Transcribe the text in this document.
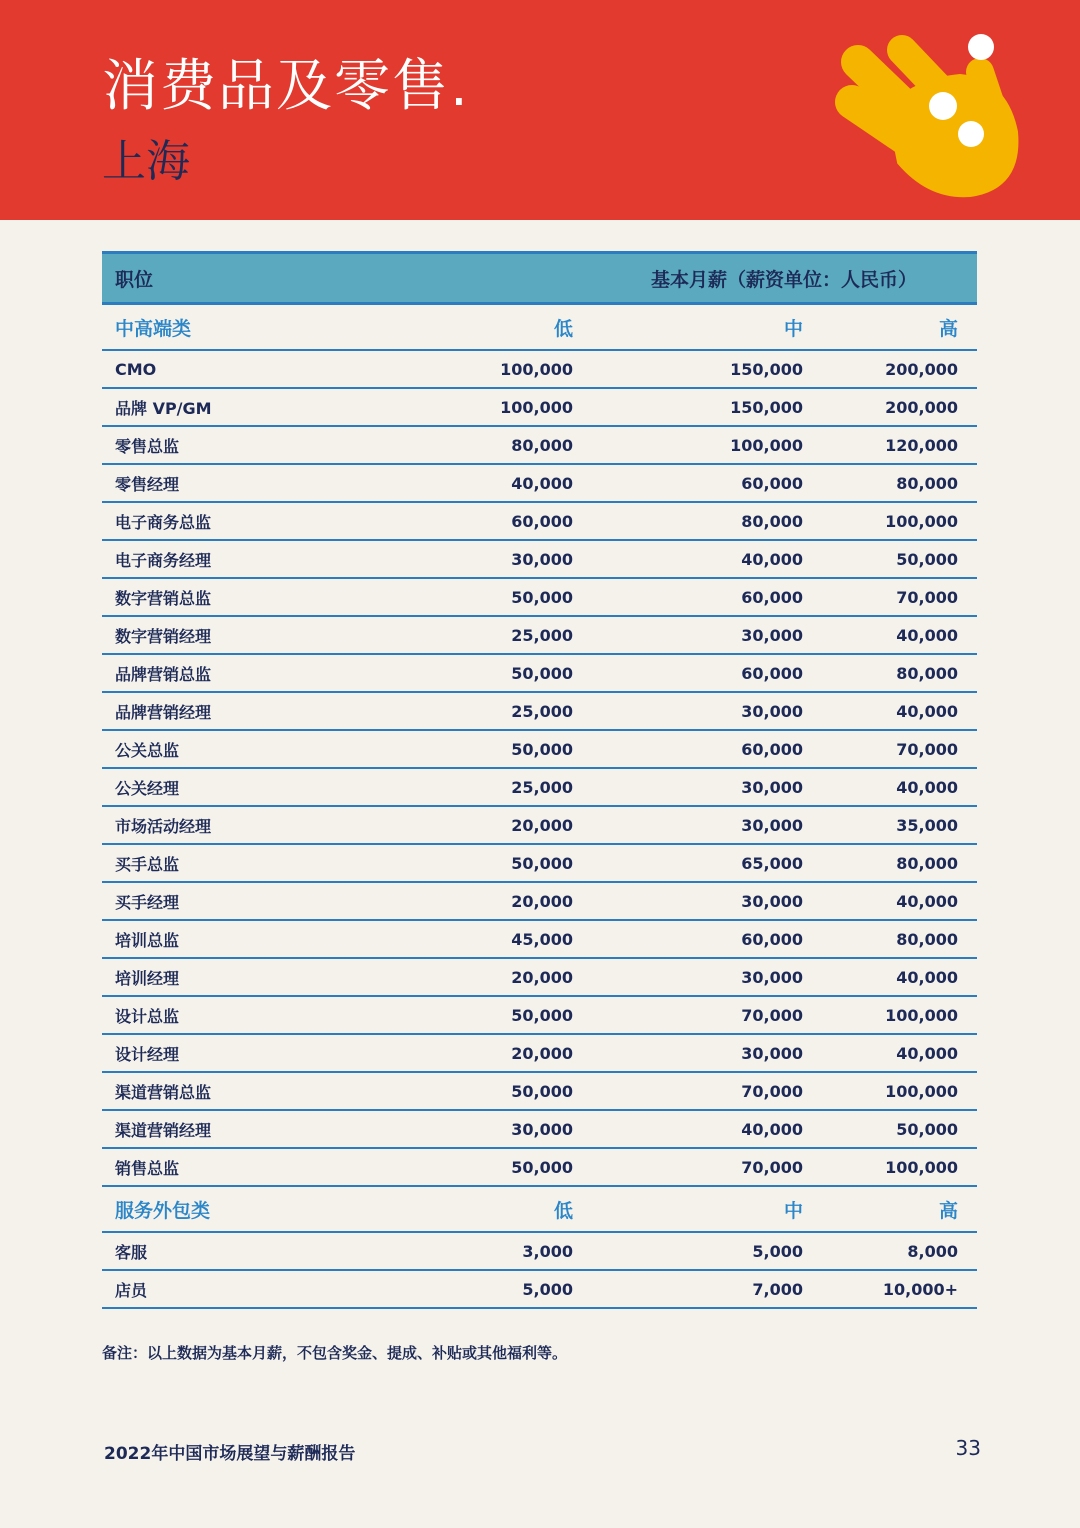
消费品及零售.
上海
职位	基本月薪（薪资单位：人民币）
中高端类	低	中	高
CMO	100,000	150,000	200,000
品牌 VP/GM	100,000	150,000	200,000
零售总监	80,000	100,000	120,000
零售经理	40,000	60,000	80,000
电子商务总监	60,000	80,000	100,000
电子商务经理	30,000	40,000	50,000
数字营销总监	50,000	60,000	70,000
数字营销经理	25,000	30,000	40,000
品牌营销总监	50,000	60,000	80,000
品牌营销经理	25,000	30,000	40,000
公关总监	50,000	60,000	70,000
公关经理	25,000	30,000	40,000
市场活动经理	20,000	30,000	35,000
买手总监	50,000	65,000	80,000
买手经理	20,000	30,000	40,000
培训总监	45,000	60,000	80,000
培训经理	20,000	30,000	40,000
设计总监	50,000	70,000	100,000
设计经理	20,000	30,000	40,000
渠道营销总监	50,000	70,000	100,000
渠道营销经理	30,000	40,000	50,000
销售总监	50,000	70,000	100,000
服务外包类	低	中	高
客服	3,000	5,000	8,000
店员	5,000	7,000	10,000+
备注：以上数据为基本月薪，不包含奖金、提成、补贴或其他福利等。
2022年中国市场展望与薪酬报告	33
